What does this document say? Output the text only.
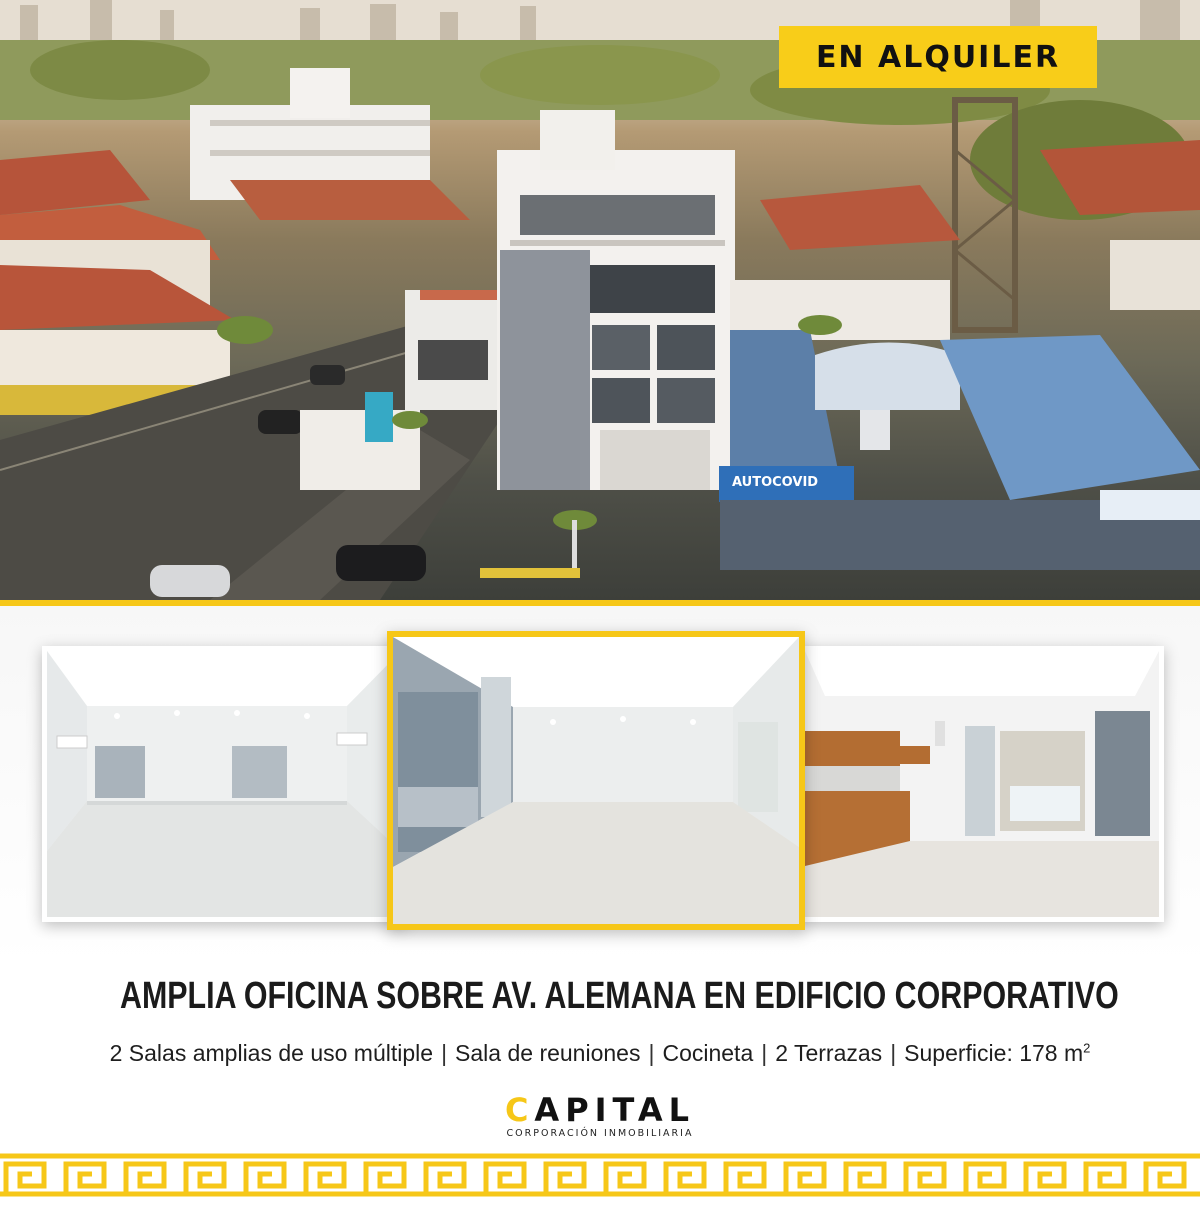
AUTOCOVID
EN ALQUILER
AMPLIA OFICINA SOBRE AV. ALEMANA EN EDIFICIO CORPORATIVO
2 Salas amplias de uso múltiple | Sala de reuniones | Cocineta | 2 Terrazas | Superficie: 178 $m^2$
CAPITAL
CORPORACIÓN INMOBILIARIA
